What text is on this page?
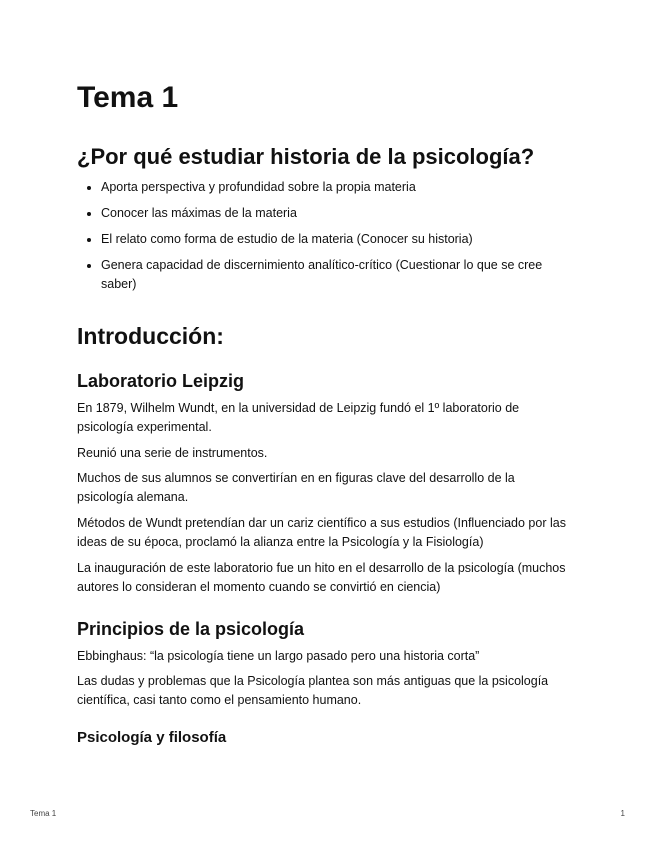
Tema 1
¿Por qué estudiar historia de la psicología?
Aporta perspectiva y profundidad sobre la propia materia
Conocer las máximas de la materia
El relato como forma de estudio de la materia (Conocer su historia)
Genera capacidad de discernimiento analítico-crítico (Cuestionar lo que se cree saber)
Introducción:
Laboratorio Leipzig

En 1879, Wilhelm Wundt, en la universidad de Leipzig fundó el 1º laboratorio de psicología experimental.

Reunió una serie de instrumentos.

Muchos de sus alumnos se convertirían en en figuras clave del desarrollo de la psicología alemana.

Métodos de Wundt pretendían dar un cariz científico a sus estudios (Influenciado por las ideas de su época, proclamó la alianza entre la Psicología y la Fisiología)

La inauguración de este laboratorio fue un hito en el desarrollo de la psicología (muchos autores lo consideran el momento cuando se convirtió en ciencia)

Principios de la psicología

Ebbinghaus: “la psicología tiene un largo pasado pero una historia corta”

Las dudas y problemas que la Psicología plantea son más antiguas que la psicología científica, casi tanto como el pensamiento humano.

Psicología y filosofía
Tema 1	1
